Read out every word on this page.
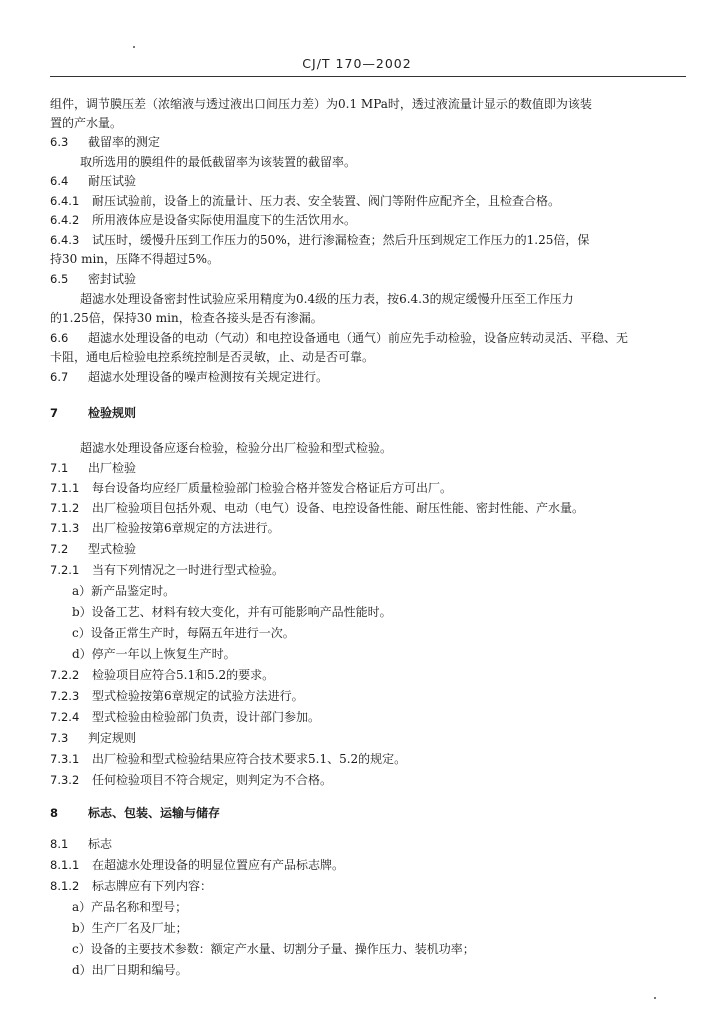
CJ/T 170—2002
组件，调节膜压差（浓缩液与透过液出口间压力差）为0.1 MPa时，透过液流量计显示的数值即为该装
置的产水量。
6.3 截留率的测定
取所选用的膜组件的最低截留率为该装置的截留率。
6.4 耐压试验
6.4.1 耐压试验前，设备上的流量计、压力表、安全装置、阀门等附件应配齐全，且检查合格。
6.4.2 所用液体应是设备实际使用温度下的生活饮用水。
6.4.3 试压时，缓慢升压到工作压力的50%，进行渗漏检查；然后升压到规定工作压力的1.25倍，保
持30 min，压降不得超过5%。
6.5 密封试验
超滤水处理设备密封性试验应采用精度为0.4级的压力表，按6.4.3的规定缓慢升压至工作压力
的1.25倍，保持30 min，检查各接头是否有渗漏。
6.6 超滤水处理设备的电动（气动）和电控设备通电（通气）前应先手动检验，设备应转动灵活、平稳、无
卡阻，通电后检验电控系统控制是否灵敏，止、动是否可靠。
6.7 超滤水处理设备的噪声检测按有关规定进行。
7 检验规则
超滤水处理设备应逐台检验，检验分出厂检验和型式检验。
7.1 出厂检验
7.1.1 每台设备均应经厂质量检验部门检验合格并签发合格证后方可出厂。
7.1.2 出厂检验项目包括外观、电动（电气）设备、电控设备性能、耐压性能、密封性能、产水量。
7.1.3 出厂检验按第6章规定的方法进行。
7.2 型式检验
7.2.1 当有下列情况之一时进行型式检验。
a）新产品鉴定时。
b）设备工艺、材料有较大变化，并有可能影响产品性能时。
c）设备正常生产时，每隔五年进行一次。
d）停产一年以上恢复生产时。
7.2.2 检验项目应符合5.1和5.2的要求。
7.2.3 型式检验按第6章规定的试验方法进行。
7.2.4 型式检验由检验部门负责，设计部门参加。
7.3 判定规则
7.3.1 出厂检验和型式检验结果应符合技术要求5.1、5.2的规定。
7.3.2 任何检验项目不符合规定，则判定为不合格。
8 标志、包装、运输与储存
8.1 标志
8.1.1 在超滤水处理设备的明显位置应有产品标志牌。
8.1.2 标志牌应有下列内容：
a）产品名称和型号；
b）生产厂名及厂址；
c）设备的主要技术参数：额定产水量、切割分子量、操作压力、装机功率；
d）出厂日期和编号。
